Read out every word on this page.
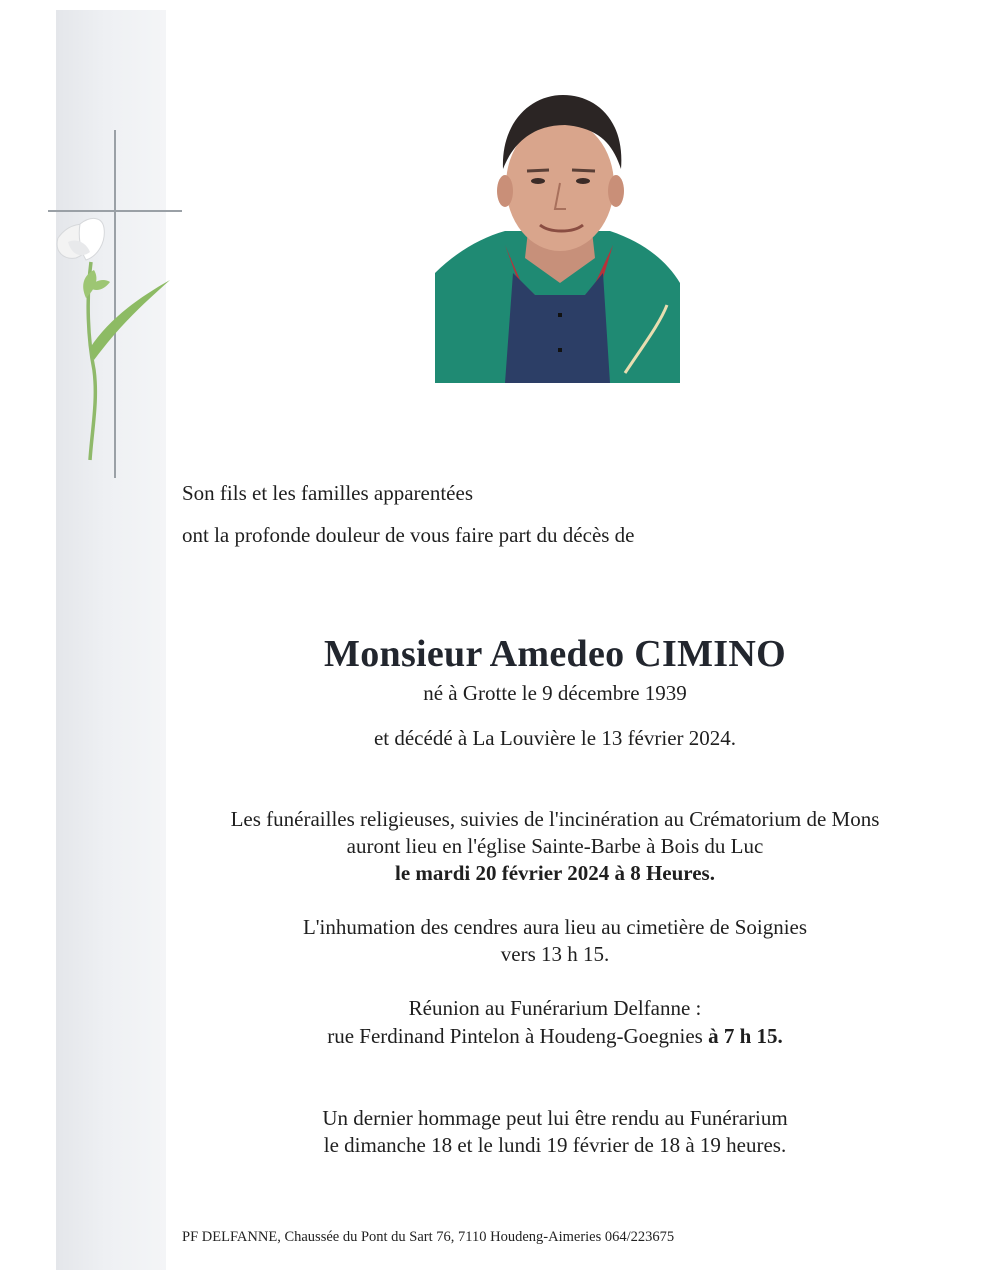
Son fils et les familles apparentées
ont la profonde douleur de vous faire part du décès de
Monsieur Amedeo CIMINO
né à Grotte le 9 décembre 1939
et décédé à La Louvière le 13 février 2024.
Les funérailles religieuses, suivies de l'incinération au Crématorium de Mons
auront lieu en l'église Sainte-Barbe à Bois du Luc
le mardi 20 février 2024 à 8 Heures.
L'inhumation des cendres aura lieu au cimetière de Soignies
vers 13 h 15.
Réunion au Funérarium Delfanne :
rue Ferdinand Pintelon à Houdeng-Goegnies à 7 h 15.
Un dernier hommage peut lui être rendu au Funérarium
le dimanche 18 et le lundi 19 février de 18 à 19 heures.
PF DELFANNE, Chaussée du Pont du Sart 76, 7110 Houdeng-Aimeries 064/223675
